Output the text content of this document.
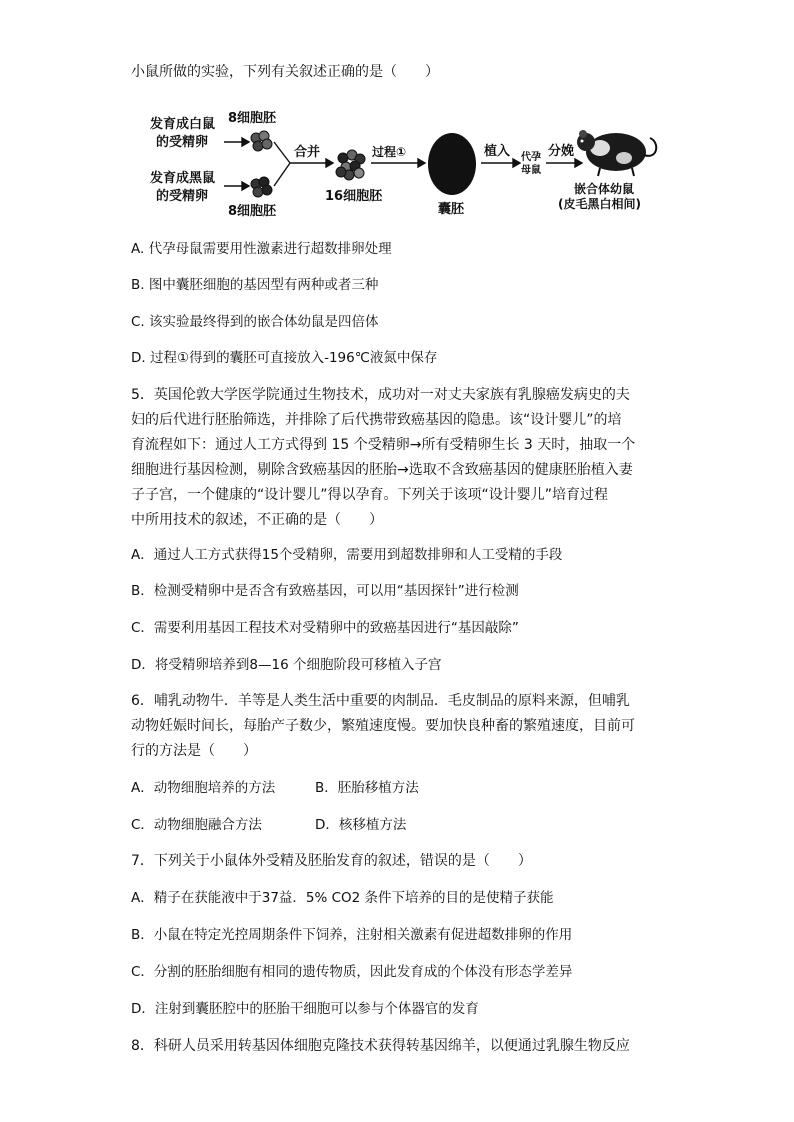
小鼠所做的实验，下列有关叙述正确的是（　　）
发育成白鼠
的受精卵
发育成黑鼠
的受精卵
8细胞胚
8细胞胚
合并
16细胞胚
过程①
囊胚
植入 代孕
母鼠
分娩
嵌合体幼鼠
(皮毛黑白相间)
A. 代孕母鼠需要用性激素进行超数排卵处理
B. 图中囊胚细胞的基因型有两种或者三种
C. 该实验最终得到的嵌合体幼鼠是四倍体
D. 过程①得到的囊胚可直接放入-196℃液氮中保存
5．英国伦敦大学医学院通过生物技术，成功对一对丈夫家族有乳腺癌发病史的夫
妇的后代进行胚胎筛选，并排除了后代携带致癌基因的隐患。该“设计婴儿”的培
育流程如下：通过人工方式得到 15 个受精卵→所有受精卵生长 3 天时，抽取一个
细胞进行基因检测，剔除含致癌基因的胚胎→选取不含致癌基因的健康胚胎植入妻
子子宫，一个健康的“设计婴儿”得以孕育。下列关于该项“设计婴儿”培育过程
中所用技术的叙述，不正确的是（　　）
A．通过人工方式获得15个受精卵，需要用到超数排卵和人工受精的手段
B．检测受精卵中是否含有致癌基因，可以用“基因探针”进行检测
C．需要利用基因工程技术对受精卵中的致癌基因进行“基因敲除”
D．将受精卵培养到8—16 个细胞阶段可移植入子宫
6．哺乳动物牛．羊等是人类生活中重要的肉制品．毛皮制品的原料来源，但哺乳
动物妊娠时间长，每胎产子数少，繁殖速度慢。要加快良种畜的繁殖速度，目前可
行的方法是（　　）
A．动物细胞培养的方法	B．胚胎移植方法
C．动物细胞融合方法	D．核移植方法
7．下列关于小鼠体外受精及胚胎发育的叙述，错误的是（　　）
A．精子在获能液中于37益．5% CO2 条件下培养的目的是使精子获能
B．小鼠在特定光控周期条件下饲养，注射相关激素有促进超数排卵的作用
C．分割的胚胎细胞有相同的遗传物质，因此发育成的个体没有形态学差异
D．注射到囊胚腔中的胚胎干细胞可以参与个体器官的发育
8．科研人员采用转基因体细胞克隆技术获得转基因绵羊，以便通过乳腺生物反应
